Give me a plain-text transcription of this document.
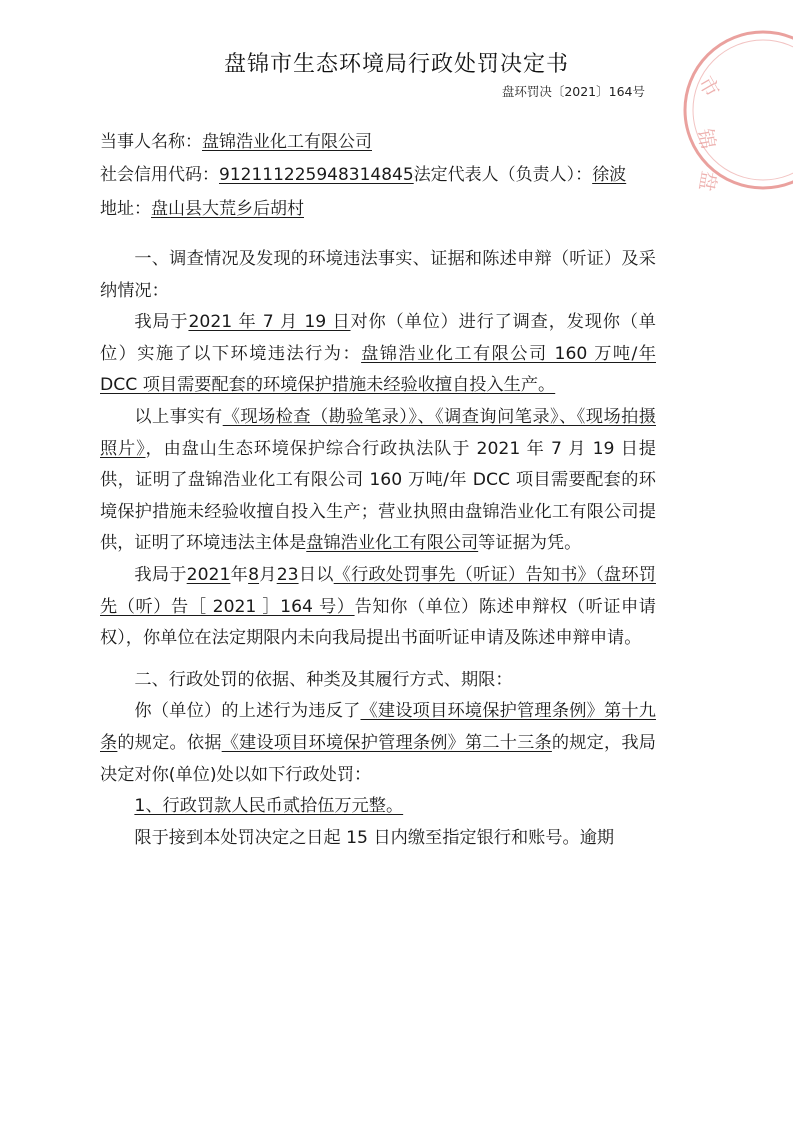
市
锦
盘
盘锦市生态环境局行政处罚决定书
盘环罚决〔2021〕164号
当事人名称：盘锦浩业化工有限公司
社会信用代码：912111225948314845法定代表人（负责人）：徐波
地址：盘山县大荒乡后胡村

一、调查情况及发现的环境违法事实、证据和陈述申辩（听证）及采纳情况：

我局于2021 年 7 月 19 日对你（单位）进行了调查，发现你（单位）实施了以下环境违法行为：盘锦浩业化工有限公司 160 万吨/年 DCC 项目需要配套的环境保护措施未经验收擅自投入生产。

以上事实有《现场检查（勘验笔录）》、《调查询问笔录》、《现场拍摄照片》，由盘山生态环境保护综合行政执法队于 2021 年 7 月 19 日提供，证明了盘锦浩业化工有限公司 160 万吨/年 DCC 项目需要配套的环境保护措施未经验收擅自投入生产；营业执照由盘锦浩业化工有限公司提供，证明了环境违法主体是盘锦浩业化工有限公司等证据为凭。

我局于2021年8月23日以《行政处罚事先（听证）告知书》（盘环罚先（听）告［ 2021 ］164 号）告知你（单位）陈述申辩权（听证申请权），你单位在法定期限内未向我局提出书面听证申请及陈述申辩申请。

二、行政处罚的依据、种类及其履行方式、期限：

你（单位）的上述行为违反了《建设项目环境保护管理条例》第十九条的规定。依据《建设项目环境保护管理条例》第二十三条的规定，我局决定对你(单位)处以如下行政处罚：

1、行政罚款人民币贰拾伍万元整。

限于接到本处罚决定之日起 15 日内缴至指定银行和账号。逾期
